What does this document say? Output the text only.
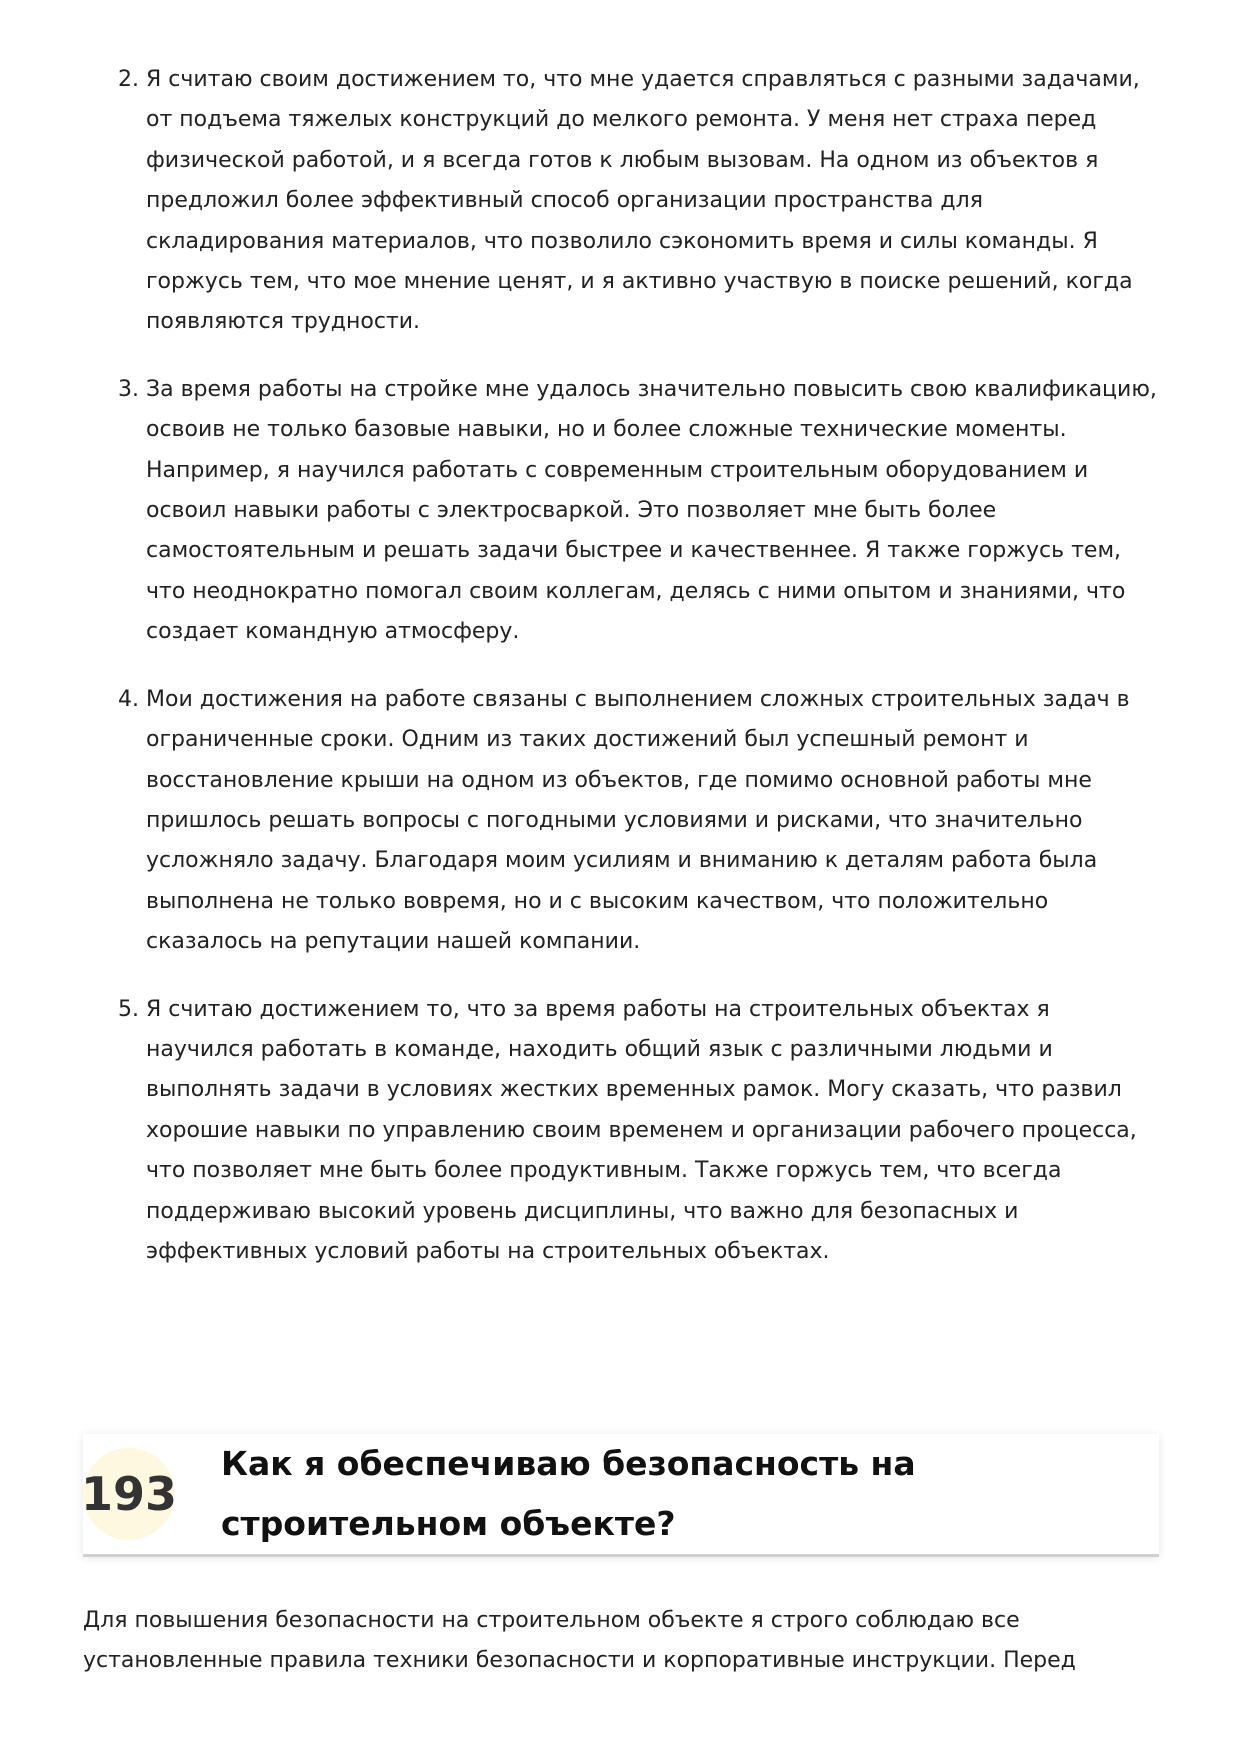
2. Я считаю своим достижением то, что мне удается справляться с разными задачами, от подъема тяжелых конструкций до мелкого ремонта. У меня нет страха перед физической работой, и я всегда готов к любым вызовам. На одном из объектов я предложил более эффективный способ организации пространства для складирования материалов, что позволило сэкономить время и силы команды. Я горжусь тем, что мое мнение ценят, и я активно участвую в поиске решений, когда появляются трудности.
3. За время работы на стройке мне удалось значительно повысить свою квалификацию, освоив не только базовые навыки, но и более сложные технические моменты. Например, я научился работать с современным строительным оборудованием и освоил навыки работы с электросваркой. Это позволяет мне быть более самостоятельным и решать задачи быстрее и качественнее. Я также горжусь тем, что неоднократно помогал своим коллегам, делясь с ними опытом и знаниями, что создает командную атмосферу.
4. Мои достижения на работе связаны с выполнением сложных строительных задач в ограниченные сроки. Одним из таких достижений был успешный ремонт и восстановление крыши на одном из объектов, где помимо основной работы мне пришлось решать вопросы с погодными условиями и рисками, что значительно усложняло задачу. Благодаря моим усилиям и вниманию к деталям работа была выполнена не только вовремя, но и с высоким качеством, что положительно сказалось на репутации нашей компании.
5. Я считаю достижением то, что за время работы на строительных объектах я научился работать в команде, находить общий язык с различными людьми и выполнять задачи в условиях жестких временных рамок. Могу сказать, что развил хорошие навыки по управлению своим временем и организации рабочего процесса, что позволяет мне быть более продуктивным. Также горжусь тем, что всегда поддерживаю высокий уровень дисциплины, что важно для безопасных и эффективных условий работы на строительных объектах.
193
Как я обеспечиваю безопасность на строительном объекте?

Для повышения безопасности на строительном объекте я строго соблюдаю все установленные правила техники безопасности и корпоративные инструкции. Перед
